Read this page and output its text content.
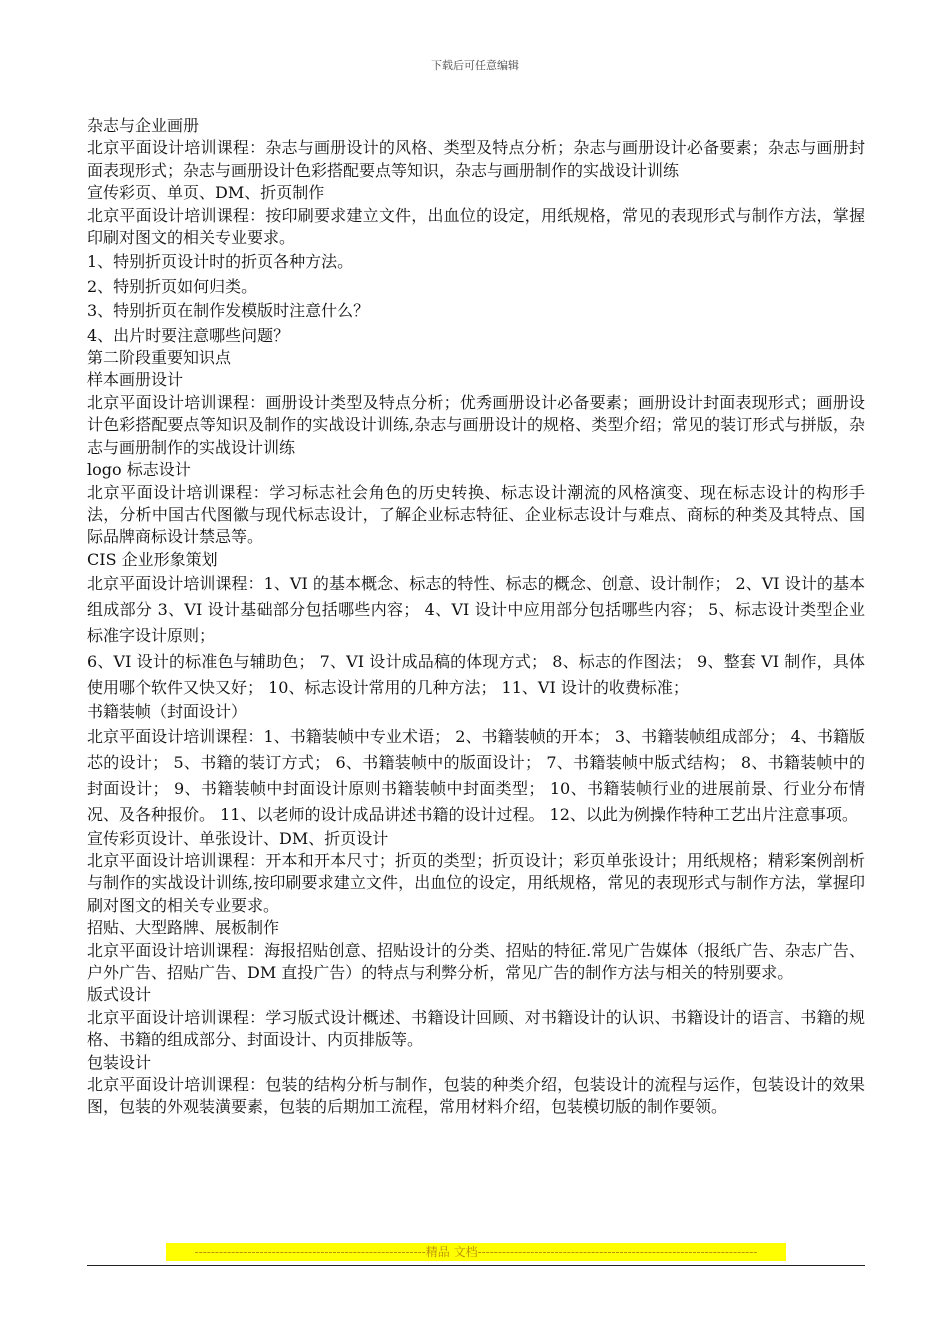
下载后可任意编辑

杂志与企业画册

北京平面设计培训课程：杂志与画册设计的风格、类型及特点分析；杂志与画册设计必备要素；杂志与画册封面表现形式；杂志与画册设计色彩搭配要点等知识，杂志与画册制作的实战设计训练

宣传彩页、单页、DM、折页制作

北京平面设计培训课程：按印刷要求建立文件，出血位的设定，用纸规格，常见的表现形式与制作方法，掌握印刷对图文的相关专业要求。

1、特别折页设计时的折页各种方法。

2、特别折页如何归类。

3、特别折页在制作发模版时注意什么？

4、出片时要注意哪些问题？

第二阶段重要知识点

样本画册设计

北京平面设计培训课程：画册设计类型及特点分析；优秀画册设计必备要素；画册设计封面表现形式；画册设计色彩搭配要点等知识及制作的实战设计训练,杂志与画册设计的规格、类型介绍；常见的装订形式与拼版，杂志与画册制作的实战设计训练

logo 标志设计

北京平面设计培训课程：学习标志社会角色的历史转换、标志设计潮流的风格演变、现在标志设计的构形手法，分析中国古代图徽与现代标志设计，了解企业标志特征、企业标志设计与难点、商标的种类及其特点、国际品牌商标设计禁忌等。

CIS 企业形象策划

北京平面设计培训课程：1、VI 的基本概念、标志的特性、标志的概念、创意、设计制作； 2、VI 设计的基本组成部分 3、VI 设计基础部分包括哪些内容； 4、VI 设计中应用部分包括哪些内容； 5、标志设计类型企业标准字设计原则；

6、VI 设计的标准色与辅助色； 7、VI 设计成品稿的体现方式； 8、标志的作图法； 9、整套 VI 制作，具体使用哪个软件又快又好； 10、标志设计常用的几种方法； 11、VI 设计的收费标准；

书籍装帧（封面设计）

北京平面设计培训课程：1、书籍装帧中专业术语； 2、书籍装帧的开本； 3、书籍装帧组成部分； 4、书籍版芯的设计； 5、书籍的装订方式； 6、书籍装帧中的版面设计； 7、书籍装帧中版式结构； 8、书籍装帧中的封面设计； 9、书籍装帧中封面设计原则书籍装帧中封面类型； 10、书籍装帧行业的进展前景、行业分布情况、及各种报价。 11、以老师的设计成品讲述书籍的设计过程。 12、以此为例操作特种工艺出片注意事项。

宣传彩页设计、单张设计、DM、折页设计

北京平面设计培训课程：开本和开本尺寸；折页的类型；折页设计；彩页单张设计；用纸规格；精彩案例剖析与制作的实战设计训练,按印刷要求建立文件，出血位的设定，用纸规格，常见的表现形式与制作方法，掌握印刷对图文的相关专业要求。

招贴、大型路牌、展板制作

北京平面设计培训课程：海报招贴创意、招贴设计的分类、招贴的特征.常见广告媒体（报纸广告、杂志广告、户外广告、招贴广告、DM 直投广告）的特点与利弊分析，常见广告的制作方法与相关的特别要求。

版式设计

北京平面设计培训课程：学习版式设计概述、书籍设计回顾、对书籍设计的认识、书籍设计的语言、书籍的规格、书籍的组成部分、封面设计、内页排版等。

包装设计

北京平面设计培训课程：包装的结构分析与制作，包装的种类介绍，包装设计的流程与运作，包装设计的效果图，包装的外观装潢要素，包装的后期加工流程，常用材料介绍，包装模切版的制作要领。

---------------------------------------------------------精品 文档---------------------------------------------------------------------
